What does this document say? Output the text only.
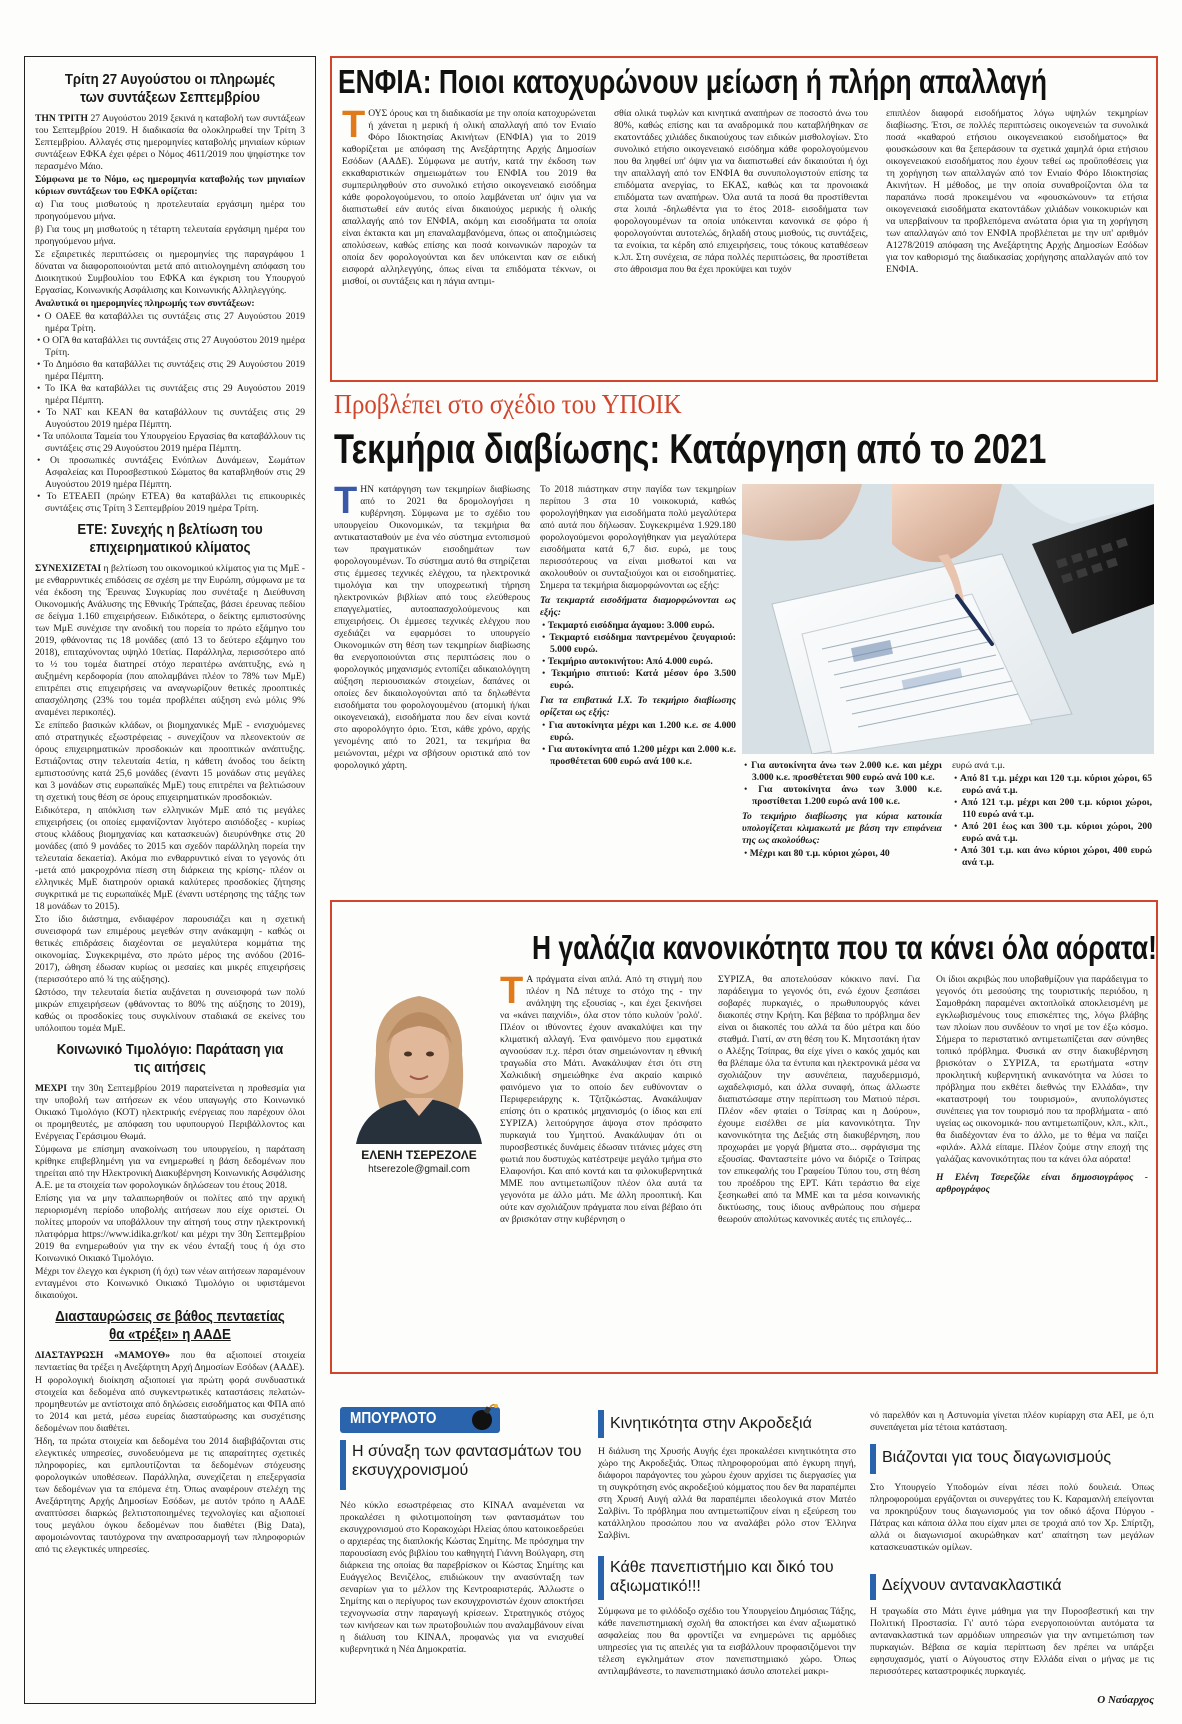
Τρίτη 27 Αυγούστου οι πληρωμές των συντάξεων Σεπτεμβρίου

ΤΗΝ ΤΡΙΤΗ 27 Αυγούστου 2019 ξεκινά η καταβολή των συντάξεων του Σεπτεμβρίου 2019. Η διαδικασία θα ολοκληρωθεί την Τρίτη 3 Σεπτεμβρίου. Αλλαγές στις ημερομηνίες καταβολής μηνιαίων κύριων συντάξεων ΕΦΚΑ έχει φέρει ο Νόμος 4611/2019 που ψηφίστηκε τον περασμένο Μάιο.

Σύμφωνα με το Νόμο, ως ημερομηνία καταβολής των μηνιαίων κύριων συντάξεων του ΕΦΚΑ ορίζεται:

α) Για τους μισθωτούς η προτελευταία εργάσιμη ημέρα του προηγούμενου μήνα.

β) Για τους μη μισθωτούς η τέταρτη τελευταία εργάσιμη ημέρα του προηγούμενου μήνα.

Σε εξαιρετικές περιπτώσεις οι ημερομηνίες της παραγράφου 1 δύναται να διαφοροποιούνται μετά από αιτιολογημένη απόφαση του Διοικητικού Συμβουλίου του ΕΦΚΑ και έγκριση του Υπουργού Εργασίας, Κοινωνικής Ασφάλισης και Κοινωνικής Αλληλεγγύης.

Αναλυτικά οι ημερομηνίες πληρωμής των συντάξεων:

• Ο ΟΑΕΕ θα καταβάλλει τις συντάξεις στις 27 Αυγούστου 2019 ημέρα Τρίτη.
• Ο ΟΓΑ θα καταβάλλει τις συντάξεις στις 27 Αυγούστου 2019 ημέρα Τρίτη.
• Το Δημόσιο θα καταβάλλει τις συντάξεις στις 29 Αυγούστου 2019 ημέρα Πέμπτη.
• Το ΙΚΑ θα καταβάλλει τις συντάξεις στις 29 Αυγούστου 2019 ημέρα Πέμπτη.
• Το ΝΑΤ και ΚΕΑΝ θα καταβάλλουν τις συντάξεις στις 29 Αυγούστου 2019 ημέρα Πέμπτη.
• Τα υπόλοιπα Ταμεία του Υπουργείου Εργασίας θα καταβάλλουν τις συντάξεις στις 29 Αυγούστου 2019 ημέρα Πέμπτη.
• Οι προσωπικές συντάξεις Ενόπλων Δυνάμεων, Σωμάτων Ασφαλείας και Πυροσβεστικού Σώματος θα καταβληθούν στις 29 Αυγούστου 2019 ημέρα Πέμπτη.
• Το ΕΤΕΑΕΠ (πρώην ΕΤΕΑ) θα καταβάλλει τις επικουρικές συντάξεις στις Τρίτη 3 Σεπτεμβρίου 2019 ημέρα Τρίτη.
ΕΤΕ: Συνεχής η βελτίωση του επιχειρηματικού κλίματος

ΣΥΝΕΧΙΖΕΤΑΙ η βελτίωση του οικονομικού κλίματος για τις ΜμΕ - με ενθαρρυντικές επιδόσεις σε σχέση με την Ευρώπη, σύμφωνα με τα νέα έκδοση της Έρευνας Συγκυρίας που συνέταξε η Διεύθυνση Οικονομικής Ανάλυσης της Εθνικής Τράπεζας, βάσει έρευνας πεδίου σε δείγμα 1.160 επιχειρήσεων. Ειδικότερα, ο δείκτης εμπιστοσύνης των ΜμΕ συνέχισε την ανοδική του πορεία το πρώτο εξάμηνο του 2019, φθάνοντας τις 18 μονάδες (από 13 το δεύτερο εξάμηνο του 2018), επιταχύνοντας υψηλό 10ετίας. Παράλληλα, περισσότερο από το ½ του τομέα διατηρεί στόχο περαιτέρω ανάπτυξης, ενώ η αυξημένη κερδοφορία (που απολαμβάνει πλέον το 78% των ΜμΕ) επιτρέπει στις επιχειρήσεις να αναγνωρίζουν θετικές προοπτικές απασχόλησης (23% του τομέα προβλέπει αύξηση ενώ μόλις 9% αναμένει περικοπές).

Σε επίπεδο βασικών κλάδων, οι βιομηχανικές ΜμΕ - ενισχυόμενες από στρατηγικές εξωστρέφειας - συνεχίζουν να πλεονεκτούν σε όρους επιχειρηματικών προσδοκιών και προοπτικών ανάπτυξης. Εστιάζοντας στην τελευταία 4ετία, η κάθετη άνοδος του δείκτη εμπιστοσύνης κατά 25,6 μονάδες (έναντι 15 μονάδων στις μεγάλες και 3 μονάδων στις ευρωπαϊκές ΜμΕ) τους επιτρέπει να βελτιώσουν τη σχετική τους θέση σε όρους επιχειρηματικών προσδοκιών.

Ειδικότερα, η απόκλιση των ελληνικών ΜμΕ από τις μεγάλες επιχειρήσεις (οι οποίες εμφανίζονταν λιγότερο αισιόδοξες - κυρίως στους κλάδους βιομηχανίας και κατασκευών) διευρύνθηκε στις 20 μονάδες (από 9 μονάδες το 2015 και σχεδόν παράλληλη πορεία την τελευταία δεκαετία). Ακόμα πιο ενθαρρυντικό είναι το γεγονός ότι -μετά από μακροχρόνια πίεση στη διάρκεια της κρίσης- πλέον οι ελληνικές ΜμΕ διατηρούν οριακά καλύτερες προσδοκίες ζήτησης συγκριτικά με τις ευρωπαϊκές ΜμΕ (έναντι υστέρησης της τάξης των 18 μονάδων το 2015).

Στο ίδιο διάστημα, ενδιαφέρον παρουσιάζει και η σχετική συνεισφορά των επιμέρους μεγεθών στην ανάκαμψη - καθώς οι θετικές επιδράσεις διαχέονται σε μεγαλύτερα κομμάτια της οικονομίας. Συγκεκριμένα, στο πρώτο μέρος της ανόδου (2016-2017), ώθηση έδωσαν κυρίως οι μεσαίες και μικρές επιχειρήσεις (περισσότερο από ¾ της αύξησης).

Ωστόσο, την τελευταία διετία αυξάνεται η συνεισφορά των πολύ μικρών επιχειρήσεων (φθάνοντας το 80% της αύξησης το 2019), καθώς οι προσδοκίες τους συγκλίνουν σταδιακά σε εκείνες του υπόλοιπου τομέα ΜμΕ.

Κοινωνικό Τιμολόγιο: Παράταση για τις αιτήσεις

ΜΕΧΡΙ την 30η Σεπτεμβρίου 2019 παρατείνεται η προθεσμία για την υποβολή των αιτήσεων εκ νέου υπαγωγής στο Κοινωνικό Οικιακό Τιμολόγιο (ΚΟΤ) ηλεκτρικής ενέργειας που παρέχουν όλοι οι προμηθευτές, με απόφαση του υφυπουργού Περιβάλλοντος και Ενέργειας Γεράσιμου Θωμά.

Σύμφωνα με επίσημη ανακοίνωση του υπουργείου, η παράταση κρίθηκε επιβεβλημένη για να ενημερωθεί η βάση δεδομένων που τηρείται από την Ηλεκτρονική Διακυβέρνηση Κοινωνικής Ασφάλισης Α.Ε. με τα στοιχεία των φορολογικών δηλώσεων του έτους 2018.

Επίσης για να μην ταλαιπωρηθούν οι πολίτες από την αρχική περιορισμένη περίοδο υποβολής αιτήσεων που είχε οριστεί. Οι πολίτες μπορούν να υποβάλλουν την αίτησή τους στην ηλεκτρονική πλατφόρμα https://www.idika.gr/kot/ και μέχρι την 30η Σεπτεμβρίου 2019 θα ενημερωθούν για την εκ νέου ένταξή τους ή όχι στο Κοινωνικό Οικιακό Τιμολόγιο.

Μέχρι τον έλεγχο και έγκριση (ή όχι) των νέων αιτήσεων παραμένουν ενταγμένοι στο Κοινωνικό Οικιακό Τιμολόγιο οι υφιστάμενοι δικαιούχοι.

Διασταυρώσεις σε βάθος πενταετίας θα «τρέξει» η ΑΑΔΕ

ΔΙΑΣΤΑΥΡΩΣΗ «ΜΑΜΟΥΘ» που θα αξιοποιεί στοιχεία πενταετίας θα τρέξει η Ανεξάρτητη Αρχή Δημοσίων Εσόδων (ΑΑΔΕ).

Η φορολογική διοίκηση αξιοποιεί για πρώτη φορά συνδυαστικά στοιχεία και δεδομένα από συγκεντρωτικές καταστάσεις πελατών-προμηθευτών με αντίστοιχα από δηλώσεις εισοδήματος και ΦΠΑ από το 2014 και μετά, μέσω ευρείας διασταύρωσης και συσχέτισης δεδομένων που διαθέτει.

Ήδη, τα πρώτα στοιχεία και δεδομένα του 2014 διαβιβάζονται στις ελεγκτικές υπηρεσίες, συνοδευόμενα με τις απαραίτητες σχετικές πληροφορίες, και εμπλουτίζονται τα δεδομένων στόχευσης φορολογικών υποθέσεων. Παράλληλα, συνεχίζεται η επεξεργασία των δεδομένων για τα επόμενα έτη. Όπως αναφέρουν στελέχη της Ανεξάρτητης Αρχής Δημοσίων Εσόδων, με αυτόν τρόπο η ΑΑΔΕ αναπτύσσει διαρκώς βελτιστοποιημένες τεχνολογίες και αξιοποιεί τους μεγάλου όγκου δεδομένων που διαθέτει (Big Data), αφομοιώνοντας ταυτόχρονα την αναπροσαρμογή των πληροφοριών από τις ελεγκτικές υπηρεσίες.

ΕΝΦΙΑ: Ποιοι κατοχυρώνουν μείωση ή πλήρη απαλλαγή
ΤΟΥΣ όρους και τη διαδικασία με την οποία κατοχυρώνεται ή χάνεται η μερική ή ολική απαλλαγή από τον Ενιαίο Φόρο Ιδιοκτησίας Ακινήτων (ΕΝΦΙΑ) για το 2019 καθορίζεται με απόφαση της Ανεξάρτητης Αρχής Δημοσίων Εσόδων (ΑΑΔΕ). Σύμφωνα με αυτήν, κατά την έκδοση των εκκαθαριστικών σημειωμάτων του ΕΝΦΙΑ του 2019 θα συμπεριληφθούν στο συνολικό ετήσιο οικογενειακό εισόδημα κάθε φορολογούμενου, το οποίο λαμβάνεται υπ' όψιν για να διαπιστωθεί εάν αυτός είναι δικαιούχος μερικής ή ολικής απαλλαγής από τον ΕΝΦΙΑ, ακόμη και εισοδήματα τα οποία είναι έκτακτα και μη επαναλαμβανόμενα, όπως οι αποζημιώσεις απολύσεων, καθώς επίσης και ποσά κοινωνικών παροχών τα οποία δεν φορολογούνται και δεν υπόκεινται καν σε ειδική εισφορά αλληλεγγύης, όπως είναι τα επιδόματα τέκνων, οι μισθοί, οι συντάξεις και η πάγια αντιμι-
σθία ολικά τυφλών και κινητικά αναπήρων σε ποσοστό άνω του 80%, καθώς επίσης και τα αναδρομικά που καταβλήθηκαν σε εκατοντάδες χιλιάδες δικαιούχους των ειδικών μισθολογίων. Στο συνολικό ετήσιο οικογενειακό εισόδημα κάθε φορολογούμενου που θα ληφθεί υπ' όψιν για να διαπιστωθεί εάν δικαιούται ή όχι την απαλλαγή από τον ΕΝΦΙΑ θα συνυπολογιστούν επίσης τα επιδόματα ανεργίας, το ΕΚΑΣ, καθώς και τα προνοιακά επιδόματα των αναπήρων. Όλα αυτά τα ποσά θα προστίθενται στα λοιπά -δηλωθέντα για το έτος 2018- εισοδήματα των φορολογουμένων τα οποία υπόκεινται κανονικά σε φόρο ή φορολογούνται αυτοτελώς, δηλαδή στους μισθούς, τις συντάξεις, τα ενοίκια, τα κέρδη από επιχειρήσεις, τους τόκους καταθέσεων κ.λπ. Στη συνέχεια, σε πάρα πολλές περιπτώσεις, θα προστίθεται στο άθροισμα που θα έχει προκύψει και τυχόν
επιπλέον διαφορά εισοδήματος λόγω υψηλών τεκμηρίων διαβίωσης. Έτσι, σε πολλές περιπτώσεις οικογενειών τα συνολικά ποσά «καθαρού ετήσιου οικογενειακού εισοδήματος» θα φουσκώσουν και θα ξεπεράσουν τα σχετικά χαμηλά όρια ετήσιου οικογενειακού εισοδήματος που έχουν τεθεί ως προϋποθέσεις για τη χορήγηση των απαλλαγών από τον Ενιαίο Φόρο Ιδιοκτησίας Ακινήτων. Η μέθοδος, με την οποία συναθροίζονται όλα τα παραπάνω ποσά προκειμένου να «φουσκώνουν» τα ετήσια οικογενειακά εισοδήματα εκατοντάδων χιλιάδων νοικοκυριών και να υπερβαίνουν τα προβλεπόμενα ανώτατα όρια για τη χορήγηση των απαλλαγών από τον ΕΝΦΙΑ προβλέπεται με την υπ' αριθμόν Α1278/2019 απόφαση της Ανεξάρτητης Αρχής Δημοσίων Εσόδων για τον καθορισμό της διαδικασίας χορήγησης απαλλαγών από τον ΕΝΦΙΑ.
Προβλέπει στο σχέδιο του ΥΠΟΙΚ
Τεκμήρια διαβίωσης: Κατάργηση από το 2021
ΤΗΝ κατάργηση των τεκμηρίων διαβίωσης από το 2021 θα δρομολογήσει η κυβέρνηση. Σύμφωνα με το σχέδιο του υπουργείου Οικονομικών, τα τεκμήρια θα αντικατασταθούν με ένα νέο σύστημα εντοπισμού των πραγματικών εισοδημάτων των φορολογουμένων. Το σύστημα αυτό θα στηρίζεται στις έμμεσες τεχνικές ελέγχου, τα ηλεκτρονικά τιμολόγια και την υποχρεωτική τήρηση ηλεκτρονικών βιβλίων από τους ελεύθερους επαγγελματίες, αυτοαπασχολούμενους και επιχειρήσεις. Οι έμμεσες τεχνικές ελέγχου που σχεδιάζει να εφαρμόσει το υπουργείο Οικονομικών στη θέση των τεκμηρίων διαβίωσης θα ενεργοποιούνται στις περιπτώσεις που ο φορολογικός μηχανισμός εντοπίζει αδικαιολόγητη αύξηση περιουσιακών στοιχείων, δαπάνες οι οποίες δεν δικαιολογούνται από τα δηλωθέντα εισοδήματα του φορολογουμένου (ατομική ή/και οικογενειακά), εισοδήματα που δεν είναι κοντά στο αφορολόγητο όριο. Έτσι, κάθε χρόνο, αρχής γενομένης από το 2021, τα τεκμήρια θα μειώνονται, μέχρι να σβήσουν οριστικά από τον φορολογικό χάρτη.

Το 2018 πιάστηκαν στην παγίδα των τεκμηρίων περίπου 3 στα 10 νοικοκυριά, καθώς φορολογήθηκαν για εισοδήματα πολύ μεγαλύτερα από αυτά που δήλωσαν. Συγκεκριμένα 1.929.180 φορολογούμενοι φορολογήθηκαν για μεγαλύτερα εισοδήματα κατά 6,7 δισ. ευρώ, με τους περισσότερους να είναι μισθωτοί και να ακολουθούν οι συνταξιούχοι και οι εισοδηματίες. Σημερα τα τεκμήρια διαμορφώνονται ως εξής:

Τα τεκμαρτά εισοδήματα διαμορφώνονται ως εξής:

• Τεκμαρτό εισόδημα άγαμου: 3.000 ευρώ.
• Τεκμαρτό εισόδημα παντρεμένου ζευγαριού: 5.000 ευρώ.
• Τεκμήριο αυτοκινήτου: Από 4.000 ευρώ.
• Τεκμήριο σπιτιού: Κατά μέσον όρο 3.500 ευρώ.

Για τα επιβατικά Ι.Χ. Το τεκμήριο διαβίωσης ορίζεται ως εξής:

• Για αυτοκίνητα μέχρι και 1.200 κ.ε. σε 4.000 ευρώ.
• Για αυτοκίνητα από 1.200 μέχρι και 2.000 κ.ε. προσθέτεται 600 ευρώ ανά 100 κ.ε.	• Για αυτοκίνητα άνω των 2.000 κ.ε. και μέχρι 3.000 κ.ε. προσθέτεται 900 ευρώ ανά 100 κ.ε.
• Για αυτοκίνητα άνω των 3.000 κ.ε. προστίθεται 1.200 ευρώ ανά 100 κ.ε.

Το τεκμήριο διαβίωσης για κύρια κατοικία υπολογίζεται κλιμακωτά με βάση την επιφάνεια της ως ακολούθως:

• Μέχρι και 80 τ.μ. κύριοι χώροι, 40

ευρώ ανά τ.μ.

• Από 81 τ.μ. μέχρι και 120 τ.μ. κύριοι χώροι, 65 ευρώ ανά τ.μ.
• Από 121 τ.μ. μέχρι και 200 τ.μ. κύριοι χώροι, 110 ευρώ ανά τ.μ.
• Από 201 έως και 300 τ.μ. κύριοι χώροι, 200 ευρώ ανά τ.μ.
• Από 301 τ.μ. και άνω κύριοι χώροι, 400 ευρώ ανά τ.μ.
Η γαλάζια κανονικότητα που τα κάνει όλα αόρατα!
ΕΛΕΝΗ ΤΣΕΡΕΖΟΛΕ
htserezole@gmail.com
Τ Α πράγματα είναι απλά. Από τη στιγμή που πλέον η ΝΔ πέτυχε το στόχο της - την ανάληψη της εξουσίας -, και έχει ξεκινήσει να «κάνει παιχνίδι», όλα στον τόπο κυλούν 'ρολό'. Πλέον οι ιθύνοντες έχουν ανακαλύψει και την κλιματική αλλαγή. Ένα φαινόμενο που εμφατικά αγνοούσαν π.χ. πέρσι όταν σημειώνονταν η εθνική τραγωδία στο Μάτι. Ανακάλυψαν έτσι ότι στη Χαλκιδική σημειώθηκε ένα ακραίο καιρικό φαινόμενο για το οποίο δεν ευθύνονταν ο Περιφερειάρχης κ. Τζιτζικώστας. Ανακάλυψαν επίσης ότι ο κρατικός μηχανισμός (ο ίδιος και επί ΣΥΡΙΖΑ) λειτούργησε άψογα στον πρόσφατο πυρκαγιά του Υμηττού. Ανακάλυψαν ότι οι πυροσβεστικές δυνάμεις έδωσαν τιτάνιες μάχες στη φωτιά που δυστυχώς κατέστρεψε μεγάλο τμήμα στο Ελαφονήσι. Και από κοντά και τα φιλοκυβερνητικά ΜΜΕ που αντιμετωπίζουν πλέον όλα αυτά τα γεγονότα με άλλο μάτι. Με άλλη προοπτική. Και ούτε καν σχολιάζουν πράγματα που είναι βέβαιο ότι αν βρισκόταν στην κυβέρνηση ο
ΣΥΡΙΖΑ, θα αποτελούσαν κόκκινο πανί. Για παράδειγμα το γεγονός ότι, ενώ έχουν ξεσπάσει σοβαρές πυρκαγιές, ο πρωθυπουργός κάνει διακοπές στην Κρήτη. Και βέβαια το πρόβλημα δεν είναι οι διακοπές του αλλά τα δύο μέτρα και δύο σταθμά. Γιατί, αν στη θέση του Κ. Μητσοτάκη ήταν ο Αλέξης Τσίπρας, θα είχε γίνει ο κακός χαμός και θα βλέπαμε όλα τα έντυπα και ηλεκτρονικά μέσα να σχολιάζουν την ασυνέπεια, παχυδερμισμό, ωχαδελφισμό, και άλλα συναφή, όπως άλλωστε διαπιστώσαμε στην περίπτωση του Ματιού πέρσι. Πλέον «δεν φταίει ο Τσίπρας και η Δούρου», έχουμε εισέλθει σε μία κανονικότητα. Την κανονικότητα της Δεξιάς στη διακυβέρνηση, που προχωράει με γοργά βήματα στο... σφράγισμα της εξουσίας. Φανταστείτε μόνο να διόριζε ο Τσίπρας τον επικεφαλής του Γραφείου Τύπου του, στη θέση του προέδρου της ΕΡΤ. Κάτι τεράστιο θα είχε ξεσηκωθεί από τα ΜΜΕ και τα μέσα κοινωνικής δικτύωσης, τους ίδιους ανθρώπους που σήμερα θεωρούν απολύτως κανονικές αυτές τις επιλογές...

Οι ίδιοι ακριβώς που υποβαθμίζουν για παράδειγμα το γεγονός ότι μεσούσης της τουριστικής περιόδου, η Σαμοθράκη παραμένει ακτοπλοϊκά αποκλεισμένη με εγκλωβισμένους τους επισκέπτες της, λόγω βλάβης των πλοίων που συνδέουν το νησί με τον έξω κόσμο. Σήμερα το περιστατικό αντιμετωπίζεται σαν σύνηθες τοπικό πρόβλημα. Φυσικά αν στην διακυβέρνηση βρισκόταν ο ΣΥΡΙΖΑ, τα ερωτήματα «στην προκλητική κυβερνητική ανικανότητα να λύσει το πρόβλημα που εκθέτει διεθνώς την Ελλάδα», την «καταστροφή του τουρισμού», ανυπολόγιστες συνέπειες για τον τουρισμό που τα προβλήματα - από υγείας ως οικονομικά- που αντιμετωπίζουν, κλπ., κλπ., θα διαδέχονταν ένα το άλλο, με το θέμα να παίζει «φιλά». Αλλά είπαμε. Πλέον ζούμε στην εποχή της γαλάζιας κανονικότητας που τα κάνει όλα αόρατα!

Η Ελένη Τσερεζόλε είναι δημοσιογράφος - αρθρογράφος

ΜΠΟΥΡΛΟΤΟ
Η σύναξη των φαντασμάτων του εκσυγχρονισμού
Νέο κύκλο εσωστρέφειας στο ΚΙΝΑΛ αναμένεται να προκαλέσει η φιλοτιμοποίηση των φαντασμάτων του εκσυγχρονισμού στο Κορακοχώρι Ηλείας όπου κατοικοεδρεύει ο αρχιερέας της διαπλοκής Κώστας Σημίτης. Με πρόσχημα την παρουσίαση ενός βιβλίου του καθηγητή Γιάννη Βούλγαρη, στη διάρκεια της οποίας θα παρεβρίσκον οι Κώστας Σημίτης και Ευάγγελος Βενιζέλος, επιδιώκουν την ανασύνταξη των σεναρίων για το μέλλον της Κεντροαριστεράς. Άλλωστε ο Σημίτης και ο περίγυρος των εκσυγχρονιστών έχουν αποκτήσει τεχνογνωσία στην παραγωγή κρίσεων. Στρατηγικός στόχος των κινήσεων και των πρωτοβουλιών που αναλαμβάνουν είναι η διάλυση του ΚΙΝΑΛ, προφανώς για να ενισχυθεί κυβερνητικά η Νέα Δημοκρατία.
Κινητικότητα στην Ακροδεξιά
Η διάλυση της Χρυσής Αυγής έχει προκαλέσει κινητικότητα στο χώρο της Ακροδεξιάς. Όπως πληροφορούμαι από έγκυρη πηγή, διάφοροι παράγοντες του χώρου έχουν αρχίσει τις διεργασίες για τη συγκρότηση ενός ακροδεξιού κόμματος που δεν θα παραπέμπει στη Χρυσή Αυγή αλλά θα παραπέμπει ιδεολογικά στον Ματέο Σαλβίνι. Το πρόβλημα που αντιμετωπίζουν είναι η εξεύρεση του κατάλληλου προσώπου που να αναλάβει ρόλο στον Έλληνα Σαλβίνι.
Κάθε πανεπιστήμιο και δικό του αξιωματικό!!!
Σύμφωνα με το φιλόδοξο σχέδιο του Υπουργείου Δημόσιας Τάξης, κάθε πανεπιστημιακή σχολή θα αποκτήσει και έναν αξιωματικό ασφαλείας που θα φροντίζει να ενημερώνει τις αρμόδιες υπηρεσίες για τις απειλές για τα εισβάλλουν προφασιζόμενοι την τέλεση εγκλημάτων στον πανεπιστημιακό χώρο. Όπως αντιλαμβάνεστε, το πανεπιστημιακό άσυλο αποτελεί μακρι-
νό παρελθόν και η Αστυνομία γίνεται πλέον κυρίαρχη στα ΑΕΙ, με ό,τι συνεπάγεται μία τέτοια κατάσταση.
Βιάζονται για τους διαγωνισμούς
Στο Υπουργείο Υποδομών είναι πέσει πολύ δουλειά. Όπως πληροφορούμαι εργάζονται οι συνεργάτες του Κ. Καραμανλή επείγονται να προκηρύξουν τους διαγωνισμούς για τον οδικό άξονα Πύργου - Πάτρας και κάποια άλλα που είχαν μπει σε τροχιά από τον Χρ. Σπίρτζη, αλλά οι διαγωνισμοί ακυρώθηκαν κατ' απαίτηση των μεγάλων κατασκευαστικών ομίλων.
Δείχνουν αντανακλαστικά
Η τραγωδία στο Μάτι έγινε μάθημα για την Πυροσβεστική και την Πολιτική Προστασία. Γι' αυτό τώρα ενεργοποιούνται αυτόματα τα αντανακλαστικά των αρμόδιων υπηρεσιών για την αντιμετώπιση των πυρκαγιών. Βέβαια σε καμία περίπτωση δεν πρέπει να υπάρξει εφησυχασμός, γιατί ο Αύγουστος στην Ελλάδα είναι ο μήνας με τις περισσότερες καταστροφικές πυρκαγιές.
Ο Ναύαρχος
